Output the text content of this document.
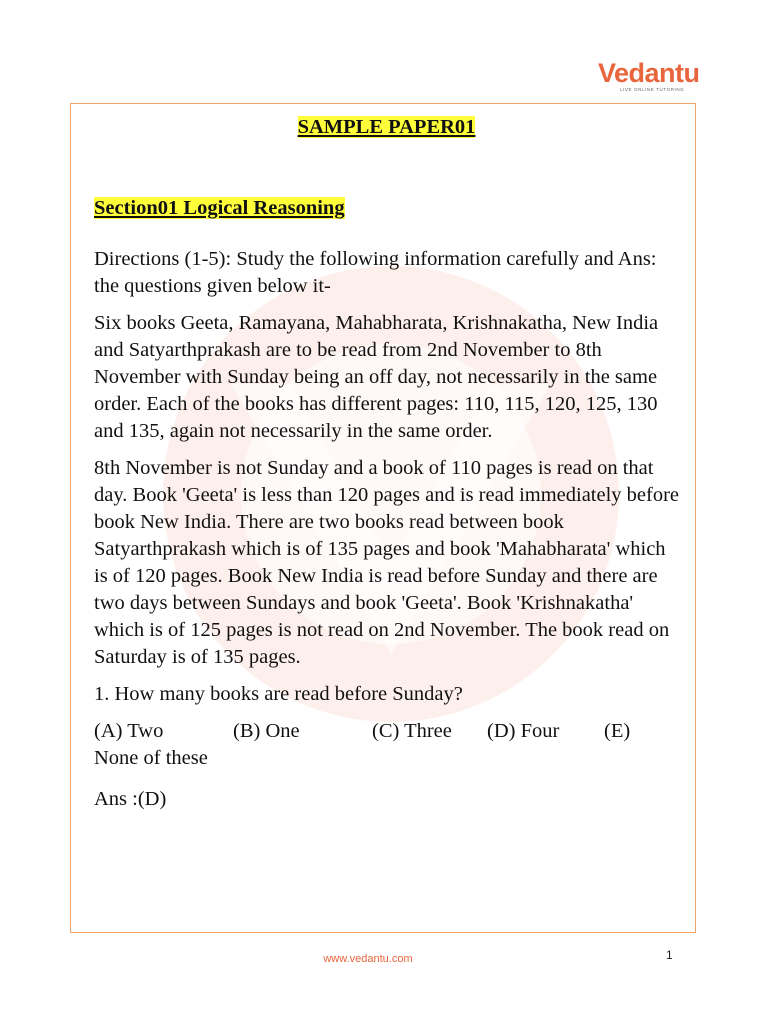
Vedantu
LIVE ONLINE TUTORING
SAMPLE PAPER01
Section01 Logical Reasoning

Directions (1-5): Study the following information carefully and Ans: the questions given below it-

Six books Geeta, Ramayana, Mahabharata, Krishnakatha, New India and Satyarthprakash are to be read from 2nd November to 8th November with Sunday being an off day, not necessarily in the same order. Each of the books has different pages: 110, 115, 120, 125, 130 and 135, again not necessarily in the same order.

8th November is not Sunday and a book of 110 pages is read on that day. Book 'Geeta' is less than 120 pages and is read immediately before book New India. There are two books read between book Satyarthprakash which is of 135 pages and book 'Mahabharata' which is of 120 pages. Book New India is read before Sunday and there are two days between Sundays and book 'Geeta'. Book 'Krishnakatha' which is of 125 pages is not read on 2nd November. The book read on Saturday is of 135 pages.

1. How many books are read before Sunday?

(A) Two	(B) One	(C) Three (D) Four (E)
None of these

Ans :(D)

www.vedantu.com	1
